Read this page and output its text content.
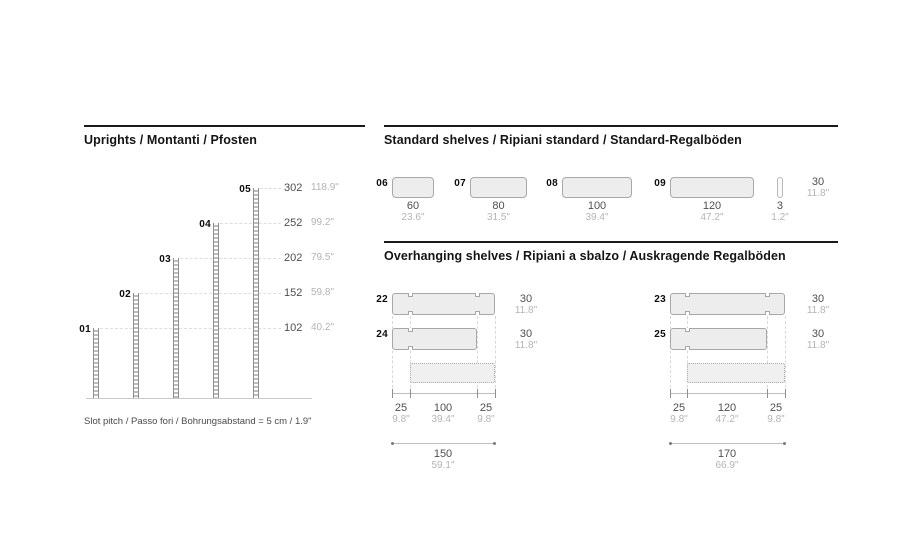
Uprights / Montanti / Pfosten	Standard shelves / Ripiani standard / Standard-Regalböden
Overhanging shelves / Ripiani a sbalzo / Auskragende Regalböden
Slot pitch / Passo fori / Bohrungsabstand = 5 cm / 1.9"
01	102 40.2"
02	152 59.8"
03	202 79.5"
04	252 99.2"
05	302 118.9"	06
60
23.6"
07
80
31.5"
08
100
39.4"
09
120
47.2"
3
1.2"
30
11.8"
22	30
11.8"
24	30
11.8"
25
9.8"
100
39.4"
25
9.8"
150
59.1"
23	30
11.8"
25	30
11.8"
25
9.8"
120
47.2"
25
9.8"
170
66.9"
